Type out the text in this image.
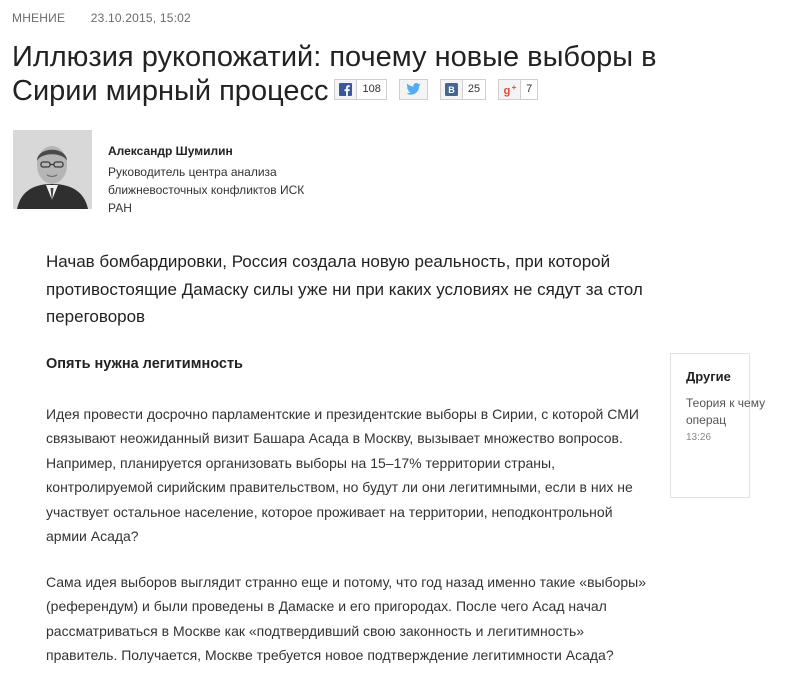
МНЕНИЕ 23.10.2015, 15:02
Иллюзия рукопожатий: почему новые выборы в Сирии мирный процесс	108	B	25	g + 7
Александр Шумилин
Руководитель центра анализа ближневосточных конфликтов ИСК РАН
Начав бомбардировки, Россия создала новую реальность, при которой противостоящие Дамаску силы уже ни при каких условиях не сядут за стол переговоров
Опять нужна легитимность

Идея провести досрочно парламентские и президентские выборы в Сирии, с которой СМИ связывают неожиданный визит Башара Асада в Москву, вызывает множество вопросов. Например, планируется организовать выборы на 15–17% территории страны, контролируемой сирийским правительством, но будут ли они легитимными, если в них не участвует остальное население, которое проживает на территории, неподконтрольной армии Асада?

Сама идея выборов выглядит странно еще и потому, что год назад именно такие «выборы» (референдум) и были проведены в Дамаске и его пригородах. После чего Асад начал рассматриваться в Москве как «подтвердивший свою законность и легитимность» правитель. Получается, Москве требуется новое подтверждение легитимности Асада?

Другие
Теория к чему операц
13:26
